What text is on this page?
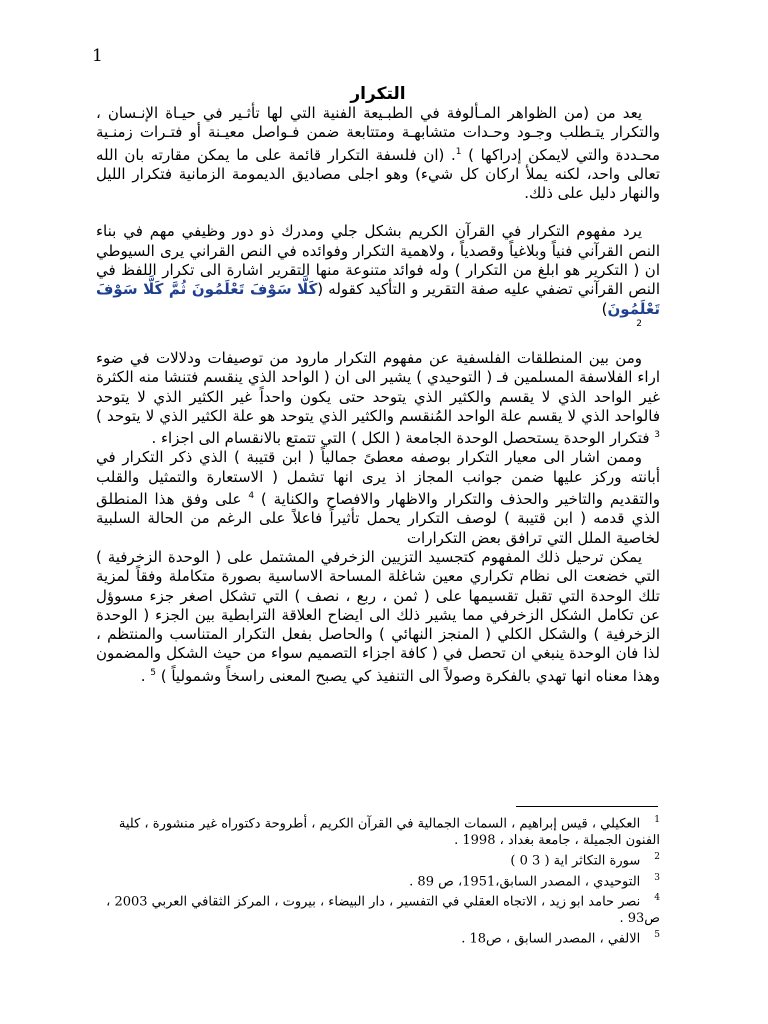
1
التكرار

يعد من (من الظواهر المـألوفة في الطبـيعة الفنية التي لها تأثـير في حيـاة الإنـسان ، والتكرار يتـطلب وجـود وحـدات متشابهـة ومتتابعة ضمن فـواصل معيـنة أو فتـرات زمنـية محـددة والتي لايمكن إدراكها ) $^1$. (ان فلسفة التكرار قائمة على ما يمكن مقارته بان الله تعالى واحد، لكنه يملأ اركان كل شيء) وهو اجلى مصاديق الديمومة الزمانية فتكرار الليل والنهار دليل على ذلك.

يرد مفهوم التكرار في القرآن الكريم بشكل جلي ومدرك ذو دور وظيفي مهم في بناء النص القرآني فنياً وبلاغياً وقصدياً ، ولاهمية التكرار وفوائده في النص القراني يرى السيوطي ان ( التكرير هو ابلغ من التكرار ) وله فوائد متنوعة منها التقرير اشارة الى تكرار اللفظ في النص القرآني تضفي عليه صفة التقرير و التأكيد كقوله (كَلَّا سَوْفَ تَعْلَمُونَ ثُمَّ كَلَّا سَوْفَ تَعْلَمُونَ)
2

ومن بين المنطلقات الفلسفية عن مفهوم التكرار مارود من توصيفات ودلالات في ضوء اراء الفلاسفة المسلمين فـ ( التوحيدي ) يشير الى ان ( الواحد الذي ينقسم فتنشا منه الكثرة غير الواحد الذي لا يقسم والكثير الذي يتوحد حتى يكون واحداً غير الكثير الذي لا يتوحد فالواحد الذي لا يقسم علة الواحد المُنقسم والكثير الذي يتوحد هو علة الكثير الذي لا يتوحد ) $^3$ فتكرار الوحدة يستحصل الوحدة الجامعة ( الكل ) التي تتمتع بالانقسام الى اجزاء .

وممن اشار الى معيار التكرار بوصفه معطىً جمالياً ( ابن قتيبة ) الذي ذكر التكرار في أبانته وركز عليها ضمن جوانب المجاز اذ يرى انها تشمل ( الاستعارة والتمثيل والقلب والتقديم والتاخير والحذف والتكرار والاظهار والافصاح والكناية ) $^4$ على وفق هذا المنطلق الذي قدمه ( ابن قتيبة ) لوصف التكرار يحمل تأثيراً فاعلاً على الرغم من الحالة السلبية لخاصية الملل التي ترافق بعض التكرارات

يمكن ترحيل ذلك المفهوم كتجسيد التزيين الزخرفي المشتمل على ( الوحدة الزخرفية ) التي خضعت الى نظام تكراري معين شاغلة المساحة الاساسية بصورة متكاملة وفقاً لمزية تلك الوحدة التي تقبل تقسيمها على ( ثمن ، ربع ، نصف ) التي تشكل اصغر جزء مسوؤل عن تكامل الشكل الزخرفي مما يشير ذلك الى ايضاح العلاقة الترابطية بين الجزء ( الوحدة الزخرفية ) والشكل الكلي ( المنجز النهائي ) والحاصل بفعل التكرار المتناسب والمنتظم ، لذا فان الوحدة ينبغي ان تحصل في ( كافة اجزاء التصميم سواء من حيث الشكل والمضمون وهذا معناه انها تهدي بالفكرة وصولاً الى التنفيذ كي يصبح المعنى راسخاً وشمولياً ) $^5$ .

1العكيلي ، قيس إبراهيم ، السمات الجمالية في القرآن الكريم ، أطروحة دكتوراه غير منشورة ، كلية الفنون الجميلة ، جامعة بغداد ، 1998 .

2سورة التكاثر اية ( 3 0 )

3التوحيدي ، المصدر السابق،1951، ص 89 .

4نصر حامد ابو زيد ، الاتجاه العقلي في التفسير ، دار البيضاء ، بيروت ، المركز الثقافي العربي 2003 ، ص93 .

5الالفي ، المصدر السابق ، ص18 .
